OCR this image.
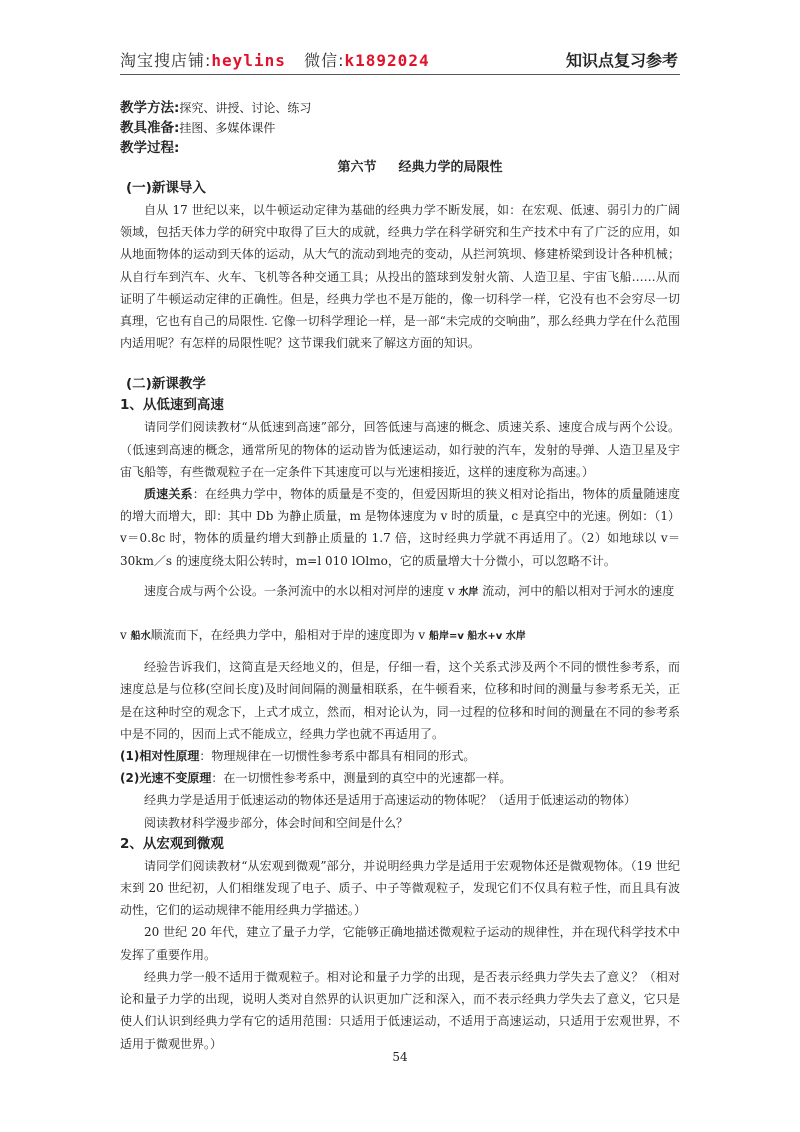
淘宝搜店铺:heylins 微信:k1892024	知识点复习参考
教学方法:探究、讲授、讨论、练习
教具准备:挂图、多媒体课件
教学过程:
第六节 经典力学的局限性
(一)新课导入

自从 17 世纪以来，以牛顿运动定律为基础的经典力学不断发展，如：在宏观、低速、弱引力的广阔领域，包括天体力学的研究中取得了巨大的成就，经典力学在科学研究和生产技术中有了广泛的应用，如从地面物体的运动到天体的运动，从大气的流动到地壳的变动，从拦河筑坝、修建桥梁到设计各种机械；从自行车到汽车、火车、飞机等各种交通工具；从投出的篮球到发射火箭、人造卫星、宇宙飞船……从而证明了牛顿运动定律的正确性。但是，经典力学也不是万能的，像一切科学一样，它没有也不会穷尽一切真理，它也有自己的局限性. 它像一切科学理论一样，是一部“未完成的交响曲”，那么经典力学在什么范围内适用呢？有怎样的局限性呢？这节课我们就来了解这方面的知识。

(二)新课教学
1、从低速到高速

请同学们阅读教材“从低速到高速”部分，回答低速与高速的概念、质速关系、速度合成与两个公设。（低速到高速的概念，通常所见的物体的运动皆为低速运动，如行驶的汽车，发射的导弹、人造卫星及宇宙飞船等，有些微观粒子在一定条件下其速度可以与光速相接近，这样的速度称为高速。）

质速关系：在经典力学中，物体的质量是不变的，但爱因斯坦的狭义相对论指出，物体的质量随速度的增大而增大，即：其中 Db 为静止质量，m 是物体速度为 v 时的质量，c 是真空中的光速。例如：（1）v＝0.8c 时，物体的质量约增大到静止质量的 1.7 倍，这时经典力学就不再适用了。（2）如地球以 v＝30km／s 的速度绕太阳公转时，m=l 010 lOlmo，它的质量增大十分微小，可以忽略不计。

速度合成与两个公设。一条河流中的水以相对河岸的速度 v 水岸 流动，河中的船以相对于河水的速度

v 船水顺流而下，在经典力学中，船相对于岸的速度即为 v 船岸=v 船水+v 水岸

经验告诉我们，这简直是天经地义的，但是，仔细一看，这个关系式涉及两个不同的惯性参考系，而速度总是与位移(空间长度)及时间间隔的测量相联系，在牛顿看来，位移和时间的测量与参考系无关，正是在这种时空的观念下，上式才成立，然而，相对论认为，同一过程的位移和时间的测量在不同的参考系中是不同的，因而上式不能成立，经典力学也就不再适用了。

(1)相对性原理：物理规律在一切惯性参考系中都具有相同的形式。

(2)光速不变原理：在一切惯性参考系中，测量到的真空中的光速都一样。

经典力学是适用于低速运动的物体还是适用于高速运动的物体呢？（适用于低速运动的物体）

阅读教材科学漫步部分，体会时间和空间是什么？

2、从宏观到微观

请同学们阅读教材“从宏观到微观”部分，并说明经典力学是适用于宏观物体还是微观物体。（19 世纪末到 20 世纪初，人们相继发现了电子、质子、中子等微观粒子，发现它们不仅具有粒子性，而且具有波动性，它们的运动规律不能用经典力学描述。）

20 世纪 20 年代，建立了量子力学，它能够正确地描述微观粒子运动的规律性，并在现代科学技术中发挥了重要作用。

经典力学一般不适用于微观粒子。相对论和量子力学的出现，是否表示经典力学失去了意义？（相对论和量子力学的出现，说明人类对自然界的认识更加广泛和深入，而不表示经典力学失去了意义，它只是使人们认识到经典力学有它的适用范围：只适用于低速运动，不适用于高速运动，只适用于宏观世界，不适用于微观世界。）

54
